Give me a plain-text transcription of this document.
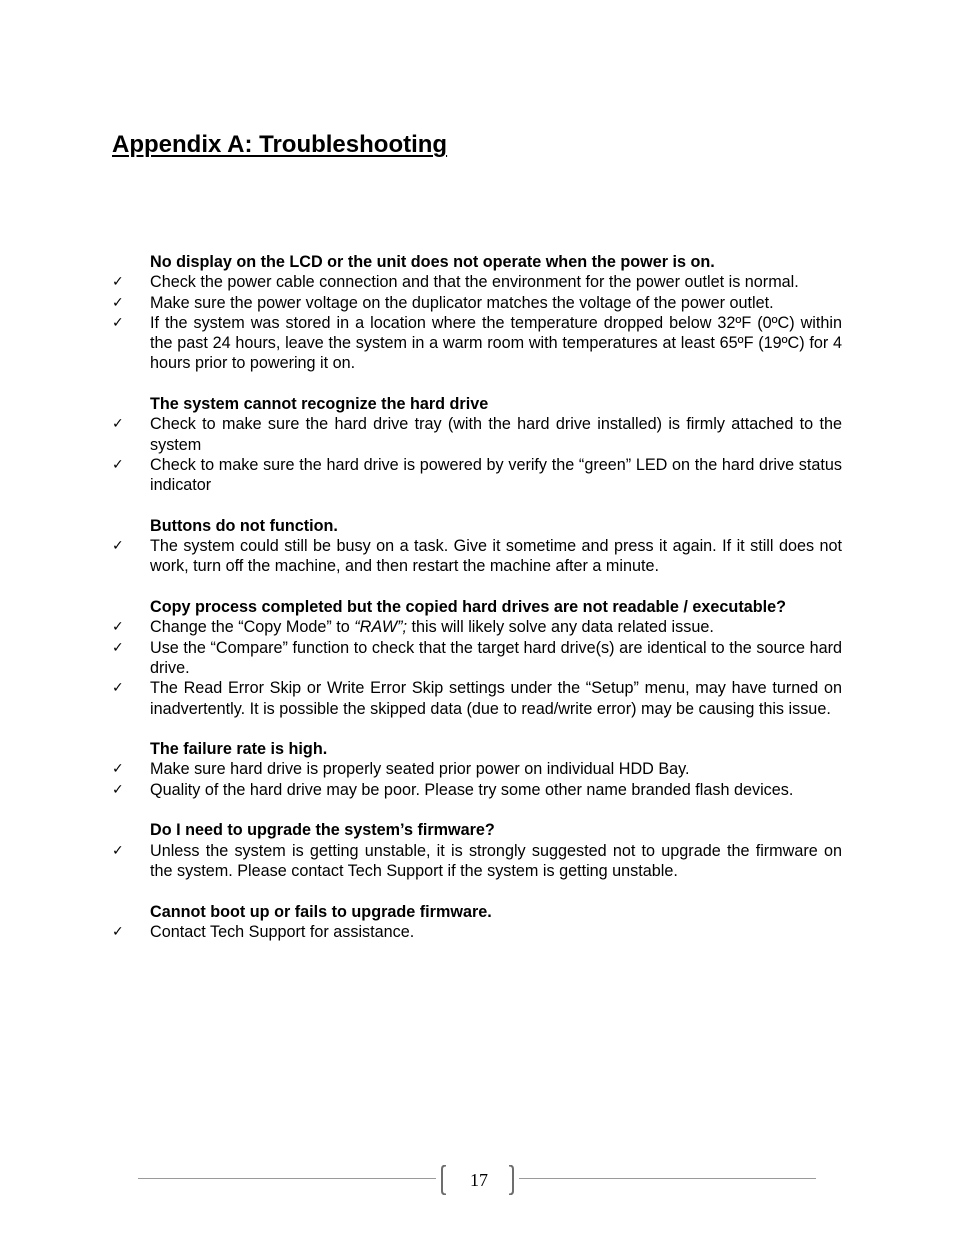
Appendix A: Troubleshooting

No display on the LCD or the unit does not operate when the power is on.

✓ Check the power cable connection and that the environment for the power outlet is normal.
✓ Make sure the power voltage on the duplicator matches the voltage of the power outlet.
✓ If the system was stored in a location where the temperature dropped below 32ºF (0ºC) within the past 24 hours, leave the system in a warm room with temperatures at least 65ºF (19ºC) for 4 hours prior to powering it on.

The system cannot recognize the hard drive

✓ Check to make sure the hard drive tray (with the hard drive installed) is firmly attached to the system
✓ Check to make sure the hard drive is powered by verify the “green” LED on the hard drive status indicator

Buttons do not function.

✓ The system could still be busy on a task. Give it sometime and press it again. If it still does not work, turn off the machine, and then restart the machine after a minute.

Copy process completed but the copied hard drives are not readable / executable?

✓ Change the “Copy Mode” to “RAW”; this will likely solve any data related issue.
✓ Use the “Compare” function to check that the target hard drive(s) are identical to the source hard drive.
✓ The Read Error Skip or Write Error Skip settings under the “Setup” menu, may have turned on inadvertently. It is possible the skipped data (due to read/write error) may be causing this issue.

The failure rate is high.

✓ Make sure hard drive is properly seated prior power on individual HDD Bay.
✓ Quality of the hard drive may be poor. Please try some other name branded flash devices.

Do I need to upgrade the system’s firmware?

✓ Unless the system is getting unstable, it is strongly suggested not to upgrade the firmware on the system. Please contact Tech Support if the system is getting unstable.

Cannot boot up or fails to upgrade firmware.

✓ Contact Tech Support for assistance.
17
